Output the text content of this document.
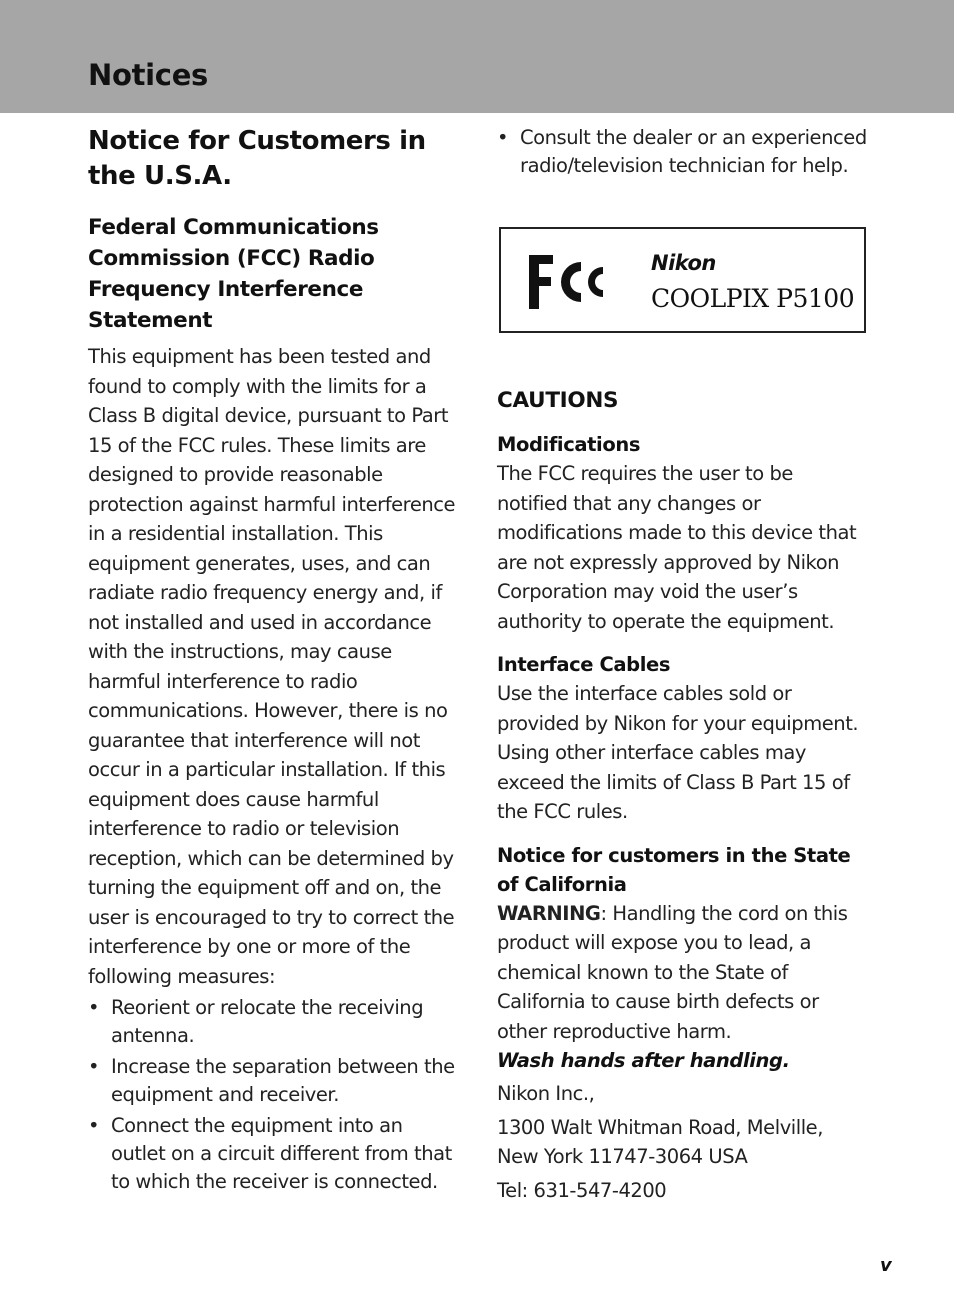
Notices
Notice for Customers in the U.S.A.
Federal Communications Commission (FCC) Radio Frequency Interference Statement

This equipment has been tested and found to comply with the limits for a Class B digital device, pursuant to Part 15 of the FCC rules. These limits are designed to provide reasonable protection against harmful interference in a residential installation. This equipment generates, uses, and can radiate radio frequency energy and, if not installed and used in accordance with the instructions, may cause harmful interference to radio communications. However, there is no guarantee that interference will not occur in a particular installation. If this equipment does cause harmful interference to radio or television reception, which can be determined by turning the equipment off and on, the user is encouraged to try to correct the interference by one or more of the following measures:

• Reorient or relocate the receiving antenna.
• Increase the separation between the equipment and receiver.
• Connect the equipment into an outlet on a circuit different from that to which the receiver is connected.
• Consult the dealer or an experienced radio/television technician for help.
Nikon
COOLPIX P5100
CAUTIONS
Modifications

The FCC requires the user to be notified that any changes or modifications made to this device that are not expressly approved by Nikon Corporation may void the user’s authority to operate the equipment.

Interface Cables

Use the interface cables sold or provided by Nikon for your equipment. Using other interface cables may exceed the limits of Class B Part 15 of the FCC rules.

Notice for customers in the State of California

WARNING: Handling the cord on this product will expose you to lead, a chemical known to the State of California to cause birth defects or other reproductive harm.

Wash hands after handling.

Nikon Inc.,

1300 Walt Whitman Road, Melville, New York 11747-3064 USA

Tel: 631-547-4200

v
